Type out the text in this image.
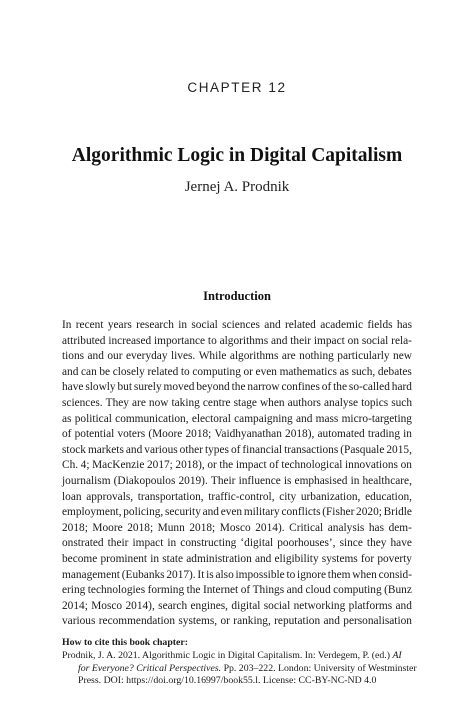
CHAPTER 12
Algorithmic Logic in Digital Capitalism
Jernej A. Prodnik
Introduction
In recent years research in social sciences and related academic fields has
attributed increased importance to algorithms and their impact on social rela-
tions and our everyday lives. While algorithms are nothing particularly new
and can be closely related to computing or even mathematics as such, debates
have slowly but surely moved beyond the narrow confines of the so-called hard
sciences. They are now taking centre stage when authors analyse topics such
as political communication, electoral campaigning and mass micro-targeting
of potential voters (Moore 2018; Vaidhyanathan 2018), automated trading in
stock markets and various other types of financial transactions (Pasquale 2015,
Ch. 4; MacKenzie 2017; 2018), or the impact of technological innovations on
journalism (Diakopoulos 2019). Their influence is emphasised in healthcare,
loan approvals, transportation, traffic-control, city urbanization, education,
employment, policing, security and even military conflicts (Fisher 2020; Bridle
2018; Moore 2018; Munn 2018; Mosco 2014). Critical analysis has dem-
onstrated their impact in constructing ‘digital poorhouses’, since they have
become prominent in state administration and eligibility systems for poverty
management (Eubanks 2017). It is also impossible to ignore them when consid-
ering technologies forming the Internet of Things and cloud computing (Bunz
2014; Mosco 2014), search engines, digital social networking platforms and
various recommendation systems, or ranking, reputation and personalisation
How to cite this book chapter:
Prodnik, J. A. 2021. Algorithmic Logic in Digital Capitalism. In: Verdegem, P. (ed.) AI
for Everyone? Critical Perspectives. Pp. 203–222. London: University of Westminster
Press. DOI: https://doi.org/10.16997/book55.l. License: CC-BY-NC-ND 4.0
